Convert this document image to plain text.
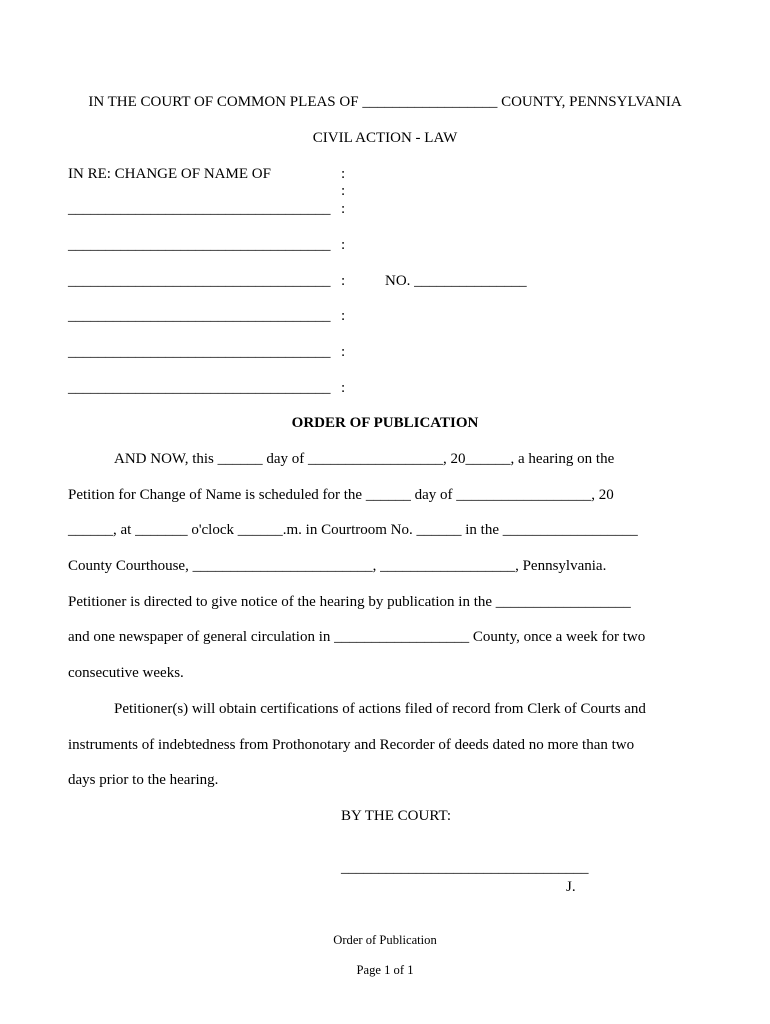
IN THE COURT OF COMMON PLEAS OF __________________ COUNTY, PENNSYLVANIA
CIVIL ACTION - LAW
IN RE: CHANGE OF NAME OF	:
:
:
:
:
:
:
:
___________________________________
___________________________________
___________________________________
___________________________________
___________________________________
___________________________________
NO. _______________
ORDER OF PUBLICATION
AND NOW, this ______ day of __________________, 20______, a hearing on the
Petition for Change of Name is scheduled for the ______ day of __________________, 20
______, at _______ o'clock ______.m. in Courtroom No. ______ in the __________________
County Courthouse, ________________________, __________________, Pennsylvania.
Petitioner is directed to give notice of the hearing by publication in the __________________
and one newspaper of general circulation in __________________ County, once a week for two
consecutive weeks.
Petitioner(s) will obtain certifications of actions filed of record from Clerk of Courts and
instruments of indebtedness from Prothonotary and Recorder of deeds dated no more than two
days prior to the hearing.
BY THE COURT:
_________________________________
J.
Order of Publication
Page 1 of 1
